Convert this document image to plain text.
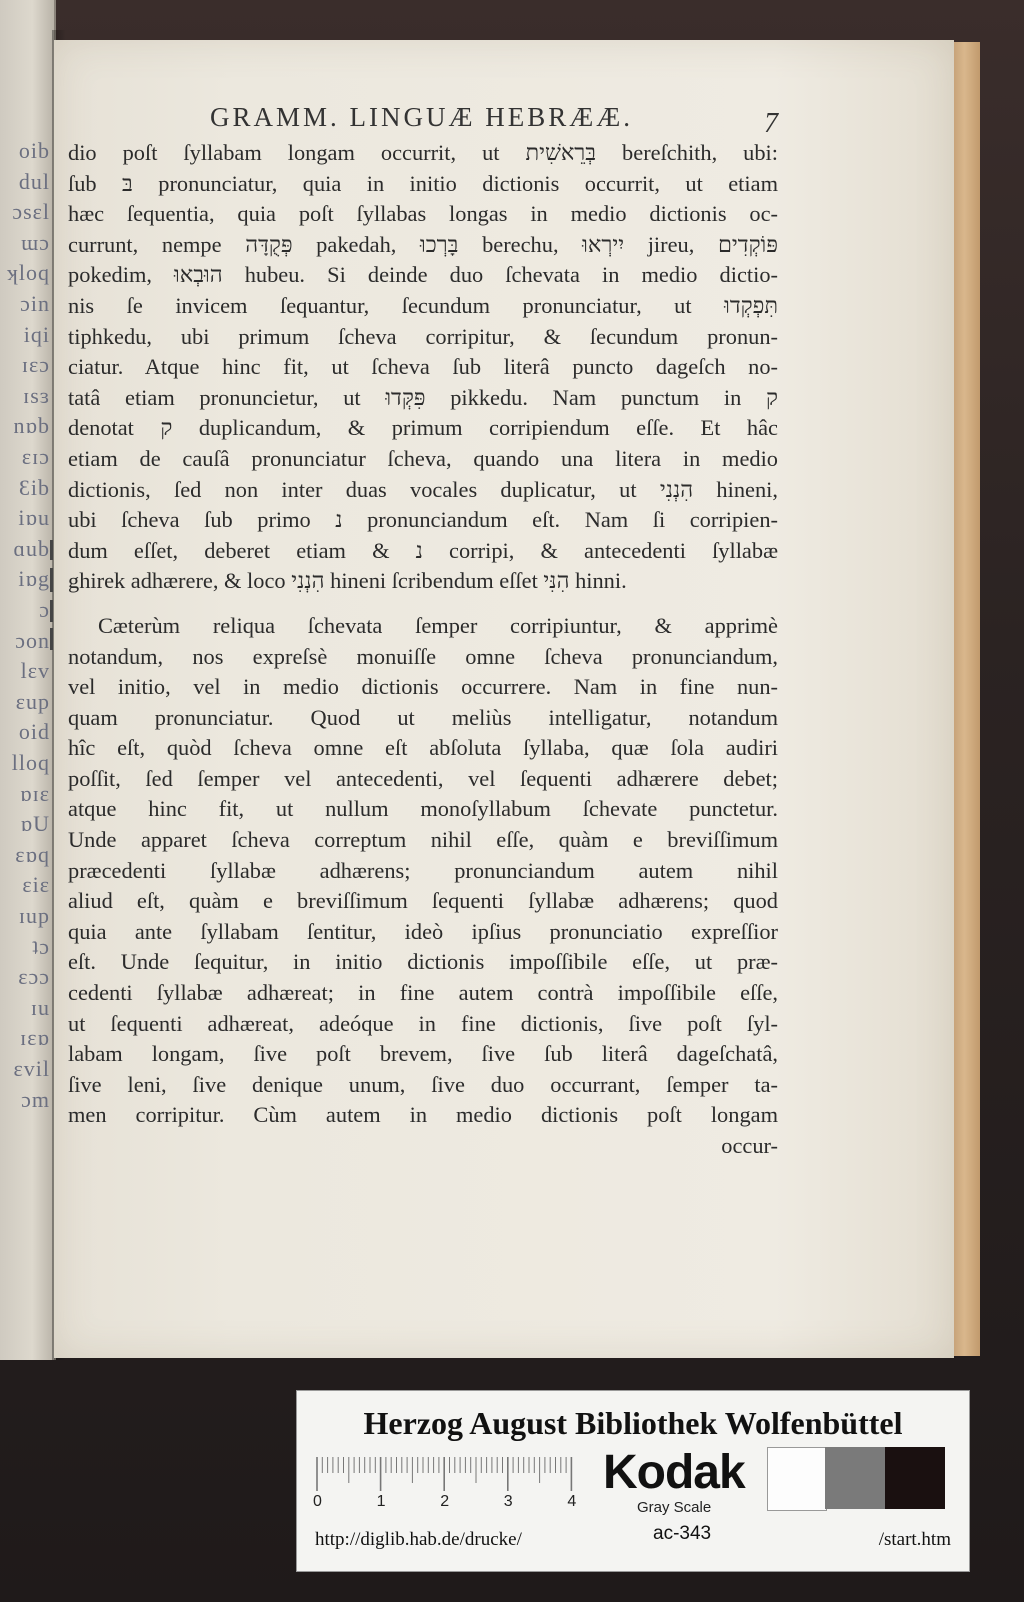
oib
dul
ɔsɛl
ɯɔ
ʞloq
ɔin
iqi
ɪɛɔ
ɪsɜ
nɒb
ɛɪɔ
Ɛib
iɒu
ɑub
iɒg
ɔ
ɔon
lɛv
ɛup
oid
lloq
ɒɪɛ
ɒU
ɛɒq
ɛiɛ
ɪup
ʇɔ
ɛɔɔ
ɪu
ɪɛɒ
ɛvil
ɔm
GRAMM. LINGUÆ HEBRÆÆ.	7
dio poſt ſyllabam longam occurrit, ut בְּרֵאשִׁית bereſchith, ubi:
ſub בּ pronunciatur, quia in initio dictionis occurrit, ut etiam
hæc ſequentia, quia poſt ſyllabas longas in medio dictionis oc-
currunt, nempe פְּקֻדָּה pakedah, בָּרְכוּ berechu, יִירְאוּ jireu, פּוֹקְדִים
pokedim, הוּבְאוּ hubeu. Si deinde duo ſchevata in medio dictio-
nis ſe invicem ſequantur, ſecundum pronunciatur, ut תִּפְקְדוּ
tiphkedu, ubi primum ſcheva corripitur, & ſecundum pronun-
ciatur. Atque hinc fit, ut ſcheva ſub literâ puncto dageſch no-
tatâ etiam pronuncietur, ut פִּקְּדוּ pikkedu. Nam punctum in ק
denotat ק duplicandum, & primum corripiendum eſſe. Et hâc
etiam de cauſâ pronunciatur ſcheva, quando una litera in medio
dictionis, ſed non inter duas vocales duplicatur, ut הִנְנִי hineni,
ubi ſcheva ſub primo נ pronunciandum eſt. Nam ſi corripien-
dum eſſet, deberet etiam & נ corripi, & antecedenti ſyllabæ
ghirek adhærere, & loco הִנְנִי hineni ſcribendum eſſet הִנִּי hinni.
Cæterùm reliqua ſchevata ſemper corripiuntur, & apprimè
notandum, nos expreſsè monuiſſe omne ſcheva pronunciandum,
vel initio, vel in medio dictionis occurrere. Nam in fine nun-
quam pronunciatur. Quod ut meliùs intelligatur, notandum
hîc eſt, quòd ſcheva omne eſt abſoluta ſyllaba, quæ ſola audiri
poſſit, ſed ſemper vel antecedenti, vel ſequenti adhærere debet;
atque hinc fit, ut nullum monoſyllabum ſchevate punctetur.
Unde apparet ſcheva correptum nihil eſſe, quàm e breviſſimum
præcedenti ſyllabæ adhærens; pronunciandum autem nihil
aliud eſt, quàm e breviſſimum ſequenti ſyllabæ adhærens; quod
quia ante ſyllabam ſentitur, ideò ipſius pronunciatio expreſſior
eſt. Unde ſequitur, in initio dictionis impoſſibile eſſe, ut præ-
cedenti ſyllabæ adhæreat; in fine autem contrà impoſſibile eſſe,
ut ſequenti adhæreat, adeóque in fine dictionis, ſive poſt ſyl-
labam longam, ſive poſt brevem, ſive ſub literâ dageſchatâ,
ſive leni, ſive denique unum, ſive duo occurrant, ſemper ta-
men corripitur. Cùm autem in medio dictionis poſt longam
occur-
Herzog August Bibliothek Wolfenbüttel
0	1	2	3	4
Kodak
Gray Scale
http://diglib.hab.de/drucke/	ac-343	/start.htm
